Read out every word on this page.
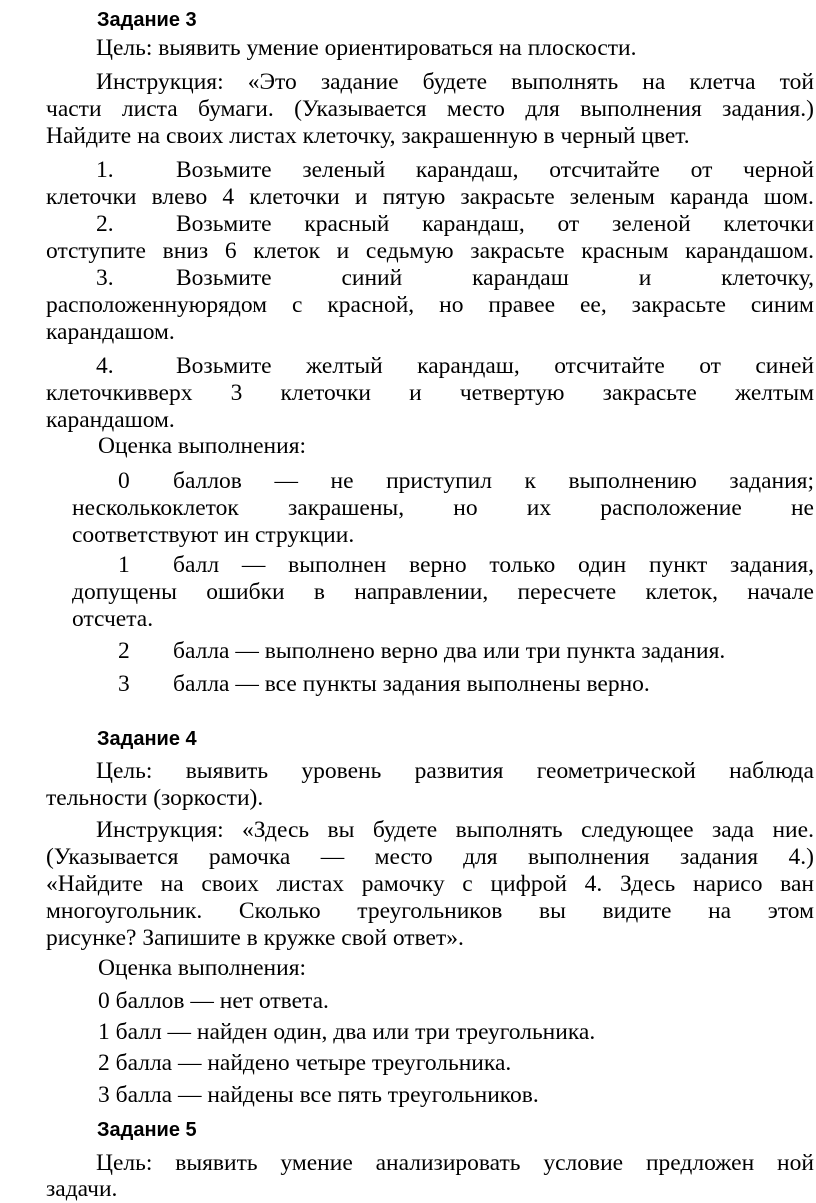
Задание 3
Цель: выявить умение ориентироваться на плоскости.
Инструкция: «Это задание будете выполнять на клетча той
части листа бумаги. (Указывается место для выполнения задания.)
Найдите на своих листах клеточку, закрашенную в черный цвет.
1.	Возьмите зеленый карандаш, отсчитайте от черной
клеточки влево 4 клеточки и пятую закрасьте зеленым каранда шом.
2.	Возьмите красный карандаш, от зеленой клеточки
отступите вниз 6 клеток и седьмую закрасьте красным карандашом.
3.	Возьмите	синий	карандаш	и	клеточку,
расположеннуюрядом с красной, но правее ее, закрасьте синим
карандашом.
4.	Возьмите желтый карандаш, отсчитайте от синей
клеточкивверх 3 клеточки и четвертую закрасьте желтым
карандашом.
Оценка выполнения:
0 баллов — не приступил к выполнению задания;
несколькоклеток закрашены, но их расположение не
соответствуют ин струкции.
1 балл — выполнен верно только один пункт задания,
допущены ошибки в направлении, пересчете клеток, начале
отсчета.
2 балла — выполнено верно два или три пункта задания.
3 балла — все пункты задания выполнены верно.
Задание 4
Цель: выявить уровень развития геометрической наблюда
тельности (зоркости).
Инструкция: «Здесь вы будете выполнять следующее зада ние.
(Указывается рамочка — место для выполнения задания 4.)
«Найдите на своих листах рамочку с цифрой 4. Здесь нарисо ван
многоугольник. Сколько треугольников вы видите на этом
рисунке? Запишите в кружке свой ответ».
Оценка выполнения:
0 баллов — нет ответа.
1 балл — найден один, два или три треугольника.
2 балла — найдено четыре треугольника.
3 балла — найдены все пять треугольников.
Задание 5
Цель: выявить умение анализировать условие предложен ной
задачи.
